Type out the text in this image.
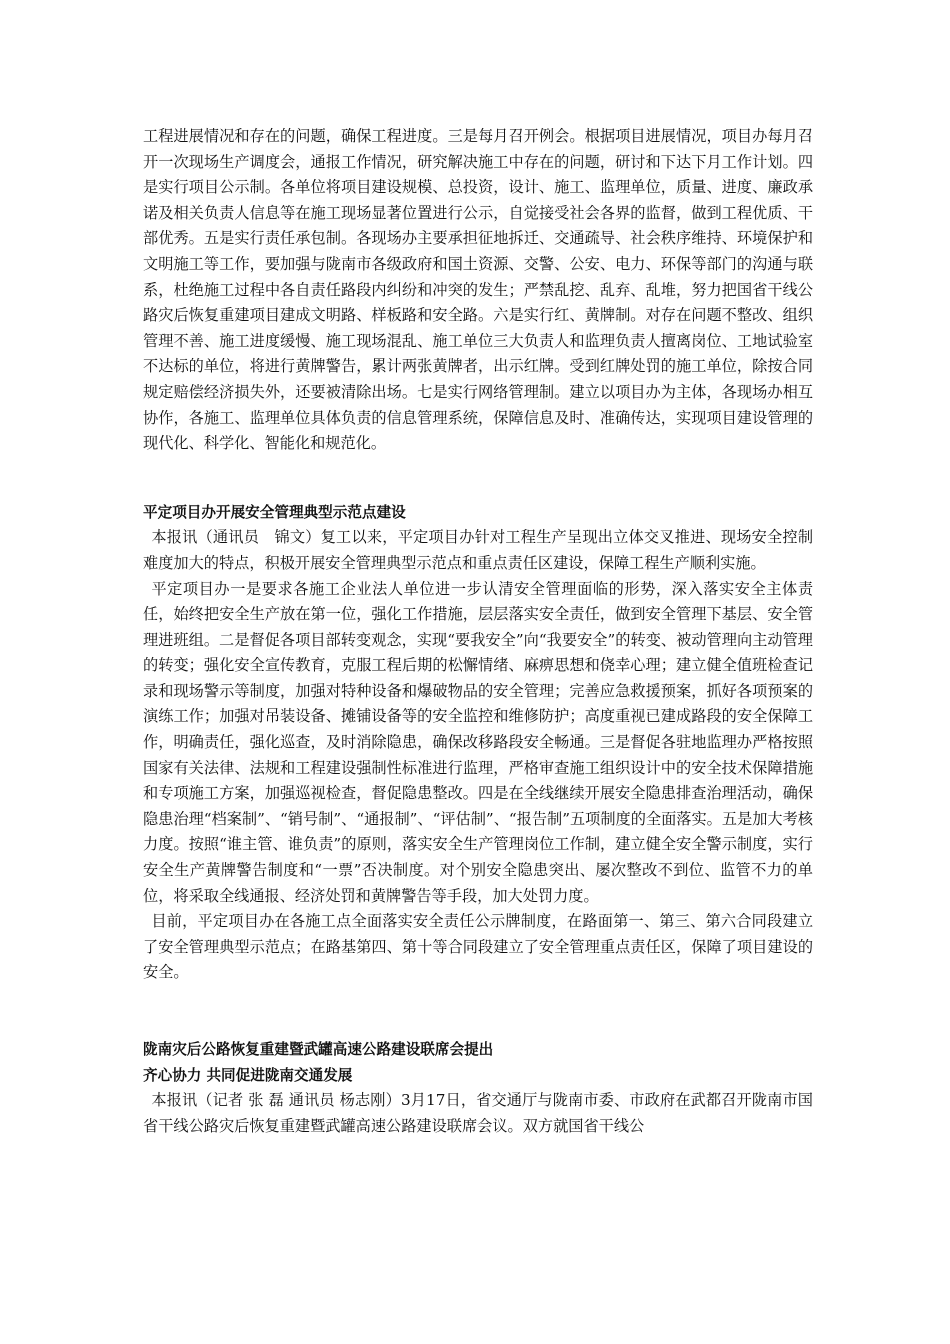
工程进展情况和存在的问题，确保工程进度。三是每月召开例会。根据项目进展情况，项目办每月召开一次现场生产调度会，通报工作情况，研究解决施工中存在的问题，研讨和下达下月工作计划。四是实行项目公示制。各单位将项目建设规模、总投资，设计、施工、监理单位，质量、进度、廉政承诺及相关负责人信息等在施工现场显著位置进行公示，自觉接受社会各界的监督，做到工程优质、干部优秀。五是实行责任承包制。各现场办主要承担征地拆迁、交通疏导、社会秩序维持、环境保护和文明施工等工作，要加强与陇南市各级政府和国土资源、交警、公安、电力、环保等部门的沟通与联系，杜绝施工过程中各自责任路段内纠纷和冲突的发生；严禁乱挖、乱弃、乱堆，努力把国省干线公路灾后恢复重建项目建成文明路、样板路和安全路。六是实行红、黄牌制。对存在问题不整改、组织管理不善、施工进度缓慢、施工现场混乱、施工单位三大负责人和监理负责人擅离岗位、工地试验室不达标的单位，将进行黄牌警告，累计两张黄牌者，出示红牌。受到红牌处罚的施工单位，除按合同规定赔偿经济损失外，还要被清除出场。七是实行网络管理制。建立以项目办为主体，各现场办相互协作，各施工、监理单位具体负责的信息管理系统，保障信息及时、准确传达，实现项目建设管理的现代化、科学化、智能化和规范化。

平定项目办开展安全管理典型示范点建设

本报讯（通讯员　锦文）复工以来，平定项目办针对工程生产呈现出立体交叉推进、现场安全控制难度加大的特点，积极开展安全管理典型示范点和重点责任区建设，保障工程生产顺利实施。

平定项目办一是要求各施工企业法人单位进一步认清安全管理面临的形势，深入落实安全主体责任，始终把安全生产放在第一位，强化工作措施，层层落实安全责任，做到安全管理下基层、安全管理进班组。二是督促各项目部转变观念，实现“要我安全”向“我要安全”的转变、被动管理向主动管理的转变；强化安全宣传教育，克服工程后期的松懈情绪、麻痹思想和侥幸心理；建立健全值班检查记录和现场警示等制度，加强对特种设备和爆破物品的安全管理；完善应急救援预案，抓好各项预案的演练工作；加强对吊装设备、摊铺设备等的安全监控和维修防护；高度重视已建成路段的安全保障工作，明确责任，强化巡查，及时消除隐患，确保改移路段安全畅通。三是督促各驻地监理办严格按照国家有关法律、法规和工程建设强制性标准进行监理，严格审查施工组织设计中的安全技术保障措施和专项施工方案，加强巡视检查，督促隐患整改。四是在全线继续开展安全隐患排查治理活动，确保隐患治理“档案制”、“销号制”、“通报制”、“评估制”、“报告制”五项制度的全面落实。五是加大考核力度。按照“谁主管、谁负责”的原则，落实安全生产管理岗位工作制，建立健全安全警示制度，实行安全生产黄牌警告制度和“一票”否决制度。对个别安全隐患突出、屡次整改不到位、监管不力的单位，将采取全线通报、经济处罚和黄牌警告等手段，加大处罚力度。

目前，平定项目办在各施工点全面落实安全责任公示牌制度，在路面第一、第三、第六合同段建立了安全管理典型示范点；在路基第四、第十等合同段建立了安全管理重点责任区，保障了项目建设的安全。

陇南灾后公路恢复重建暨武罐高速公路建设联席会提出
齐心协力 共同促进陇南交通发展

本报讯（记者 张 磊 通讯员 杨志刚）3月17日，省交通厅与陇南市委、市政府在武都召开陇南市国省干线公路灾后恢复重建暨武罐高速公路建设联席会议。双方就国省干线公
